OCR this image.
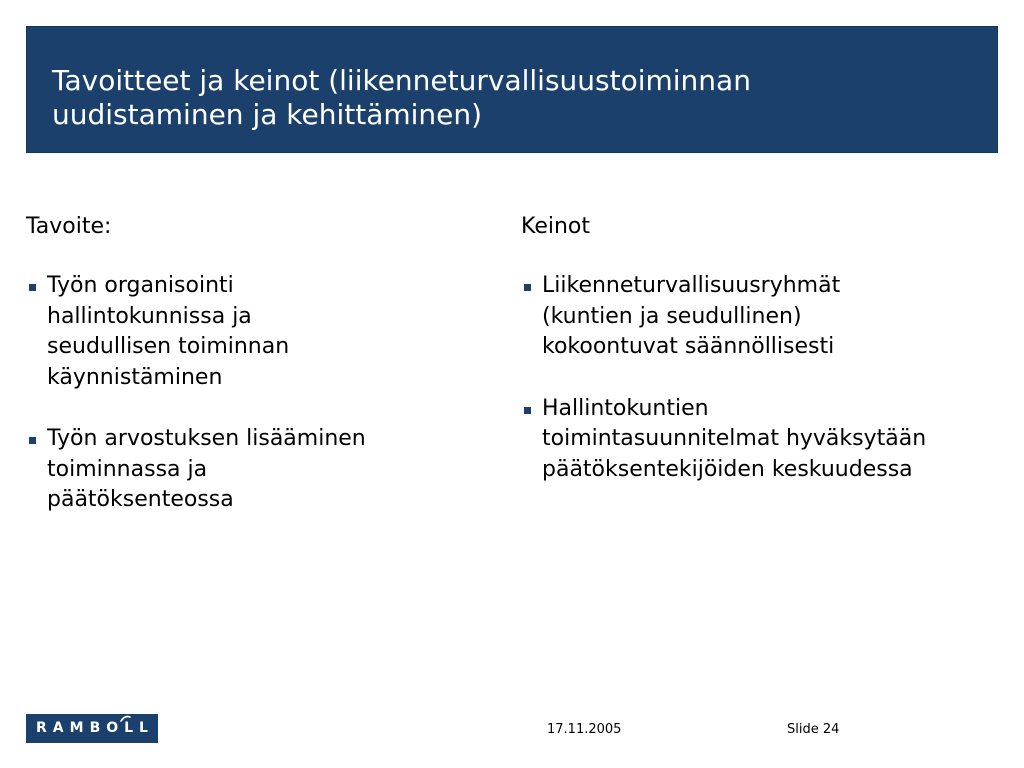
Tavoitteet ja keinot (liikenneturvallisuustoiminnan
uudistaminen ja kehittäminen)
Tavoite:
Työn organisointi
hallintokunnissa ja
seudullisen toiminnan
käynnistäminen
Työn arvostuksen lisääminen
toiminnassa ja
päätöksenteossa
Keinot
Liikenneturvallisuusryhmät
(kuntien ja seudullinen)
kokoontuvat säännöllisesti
Hallintokuntien
toimintasuunnitelmat hyväksytään
päätöksentekijöiden keskuudessa
RAMBOLL	17.11.2005	Slide 24
